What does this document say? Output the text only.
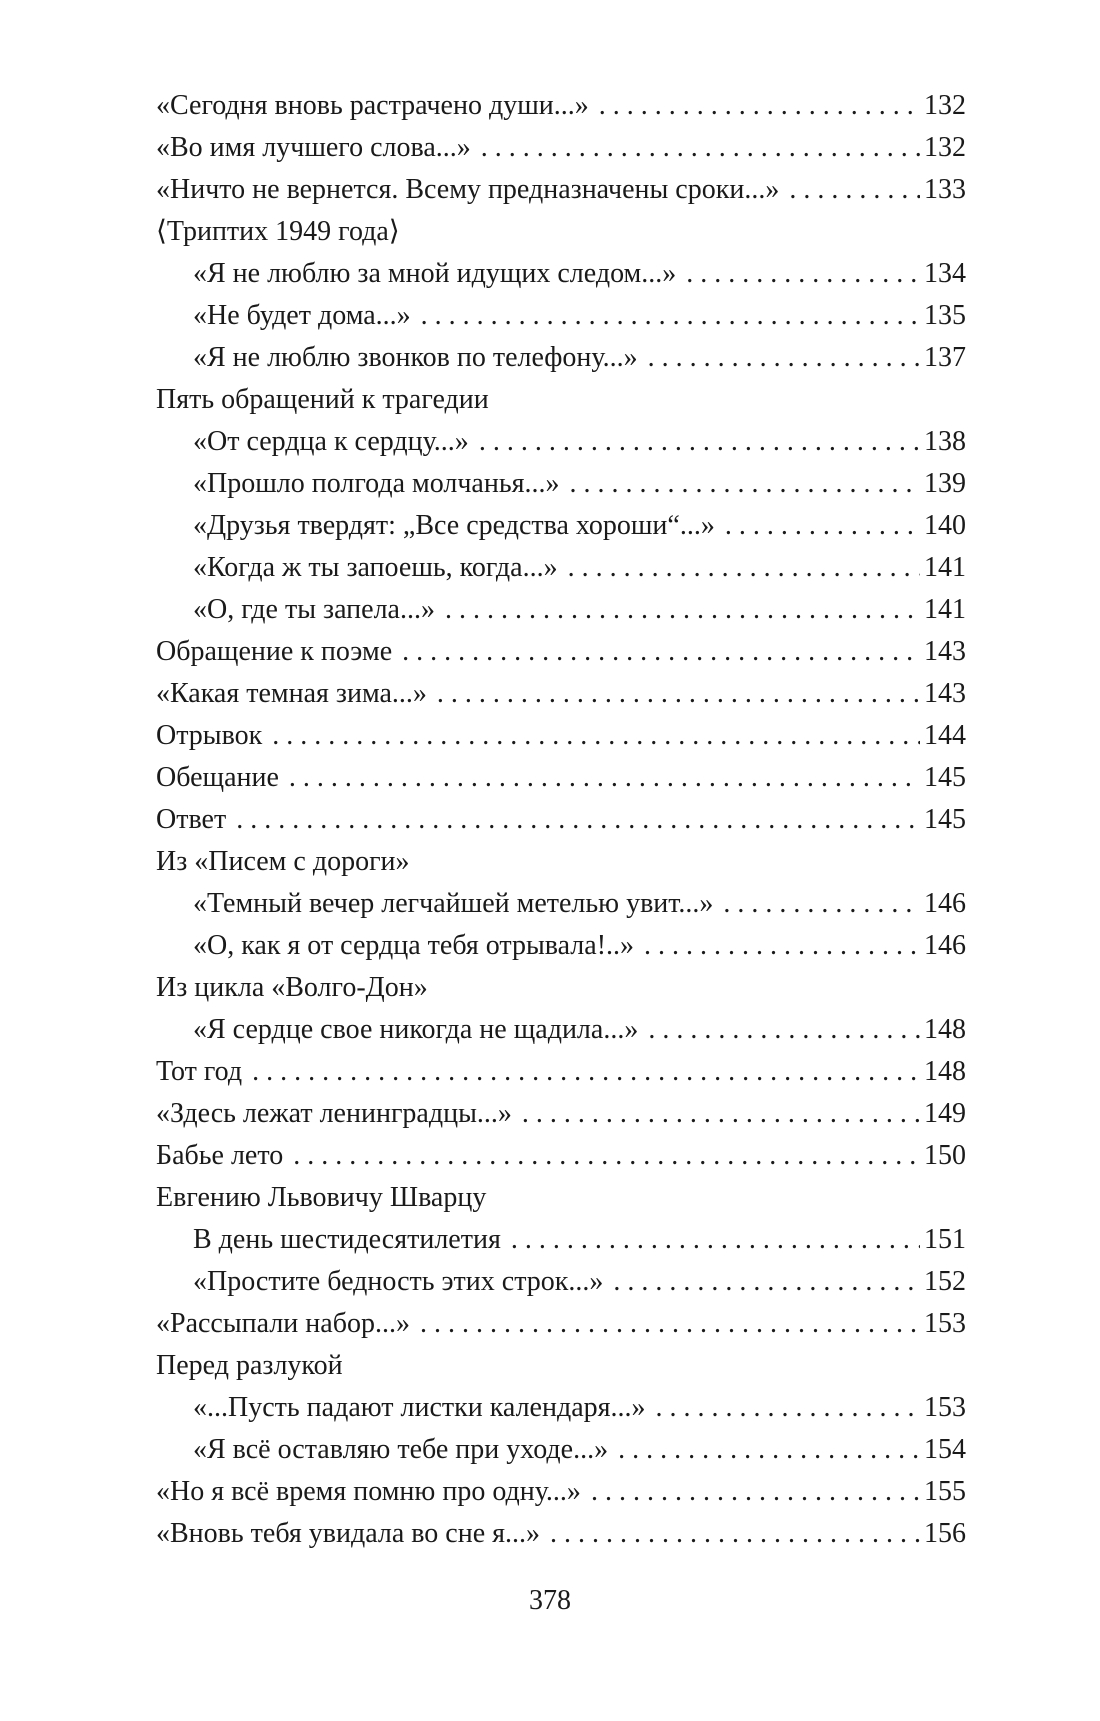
«Сегодня вновь растрачено души...» . . .	132
«Во имя лучшего слова...» . . .	132
«Ничто не вернется. Всему предназначены сроки...» . . .	133
⟨Триптих 1949 года⟩
«Я не люблю за мной идущих следом...» . . .	134
«Не будет дома...» . . .	135
«Я не люблю звонков по телефону...» . . .	137
Пять обращений к трагедии
«От сердца к сердцу...» . . .	138
«Прошло полгода молчанья...» . . .	139
«Друзья твердят: „Все средства хороши“...» . . .	140
«Когда ж ты запоешь, когда...» . . .	141
«О, где ты запела...» . . .	141
Обращение к поэме . . .	143
«Какая темная зима...» . . .	143
Отрывок . . .	144
Обещание . . .	145
Ответ . . .	145
Из «Писем с дороги»
«Темный вечер легчайшей метелью увит...» . . .	146
«О, как я от сердца тебя отрывала!..» . . .	146
Из цикла «Волго-Дон»
«Я сердце свое никогда не щадила...» . . .	148
Тот год . . .	148
«Здесь лежат ленинградцы...» . . .	149
Бабье лето . . .	150
Евгению Львовичу Шварцу
В день шестидесятилетия . . .	151
«Простите бедность этих строк...» . . .	152
«Рассыпали набор...» . . .	153
Перед разлукой
«...Пусть падают листки календаря...» . . .	153
«Я всё оставляю тебе при уходе...» . . .	154
«Но я всё время помню про одну...» . . .	155
«Вновь тебя увидала во сне я...» . . .	156
378
